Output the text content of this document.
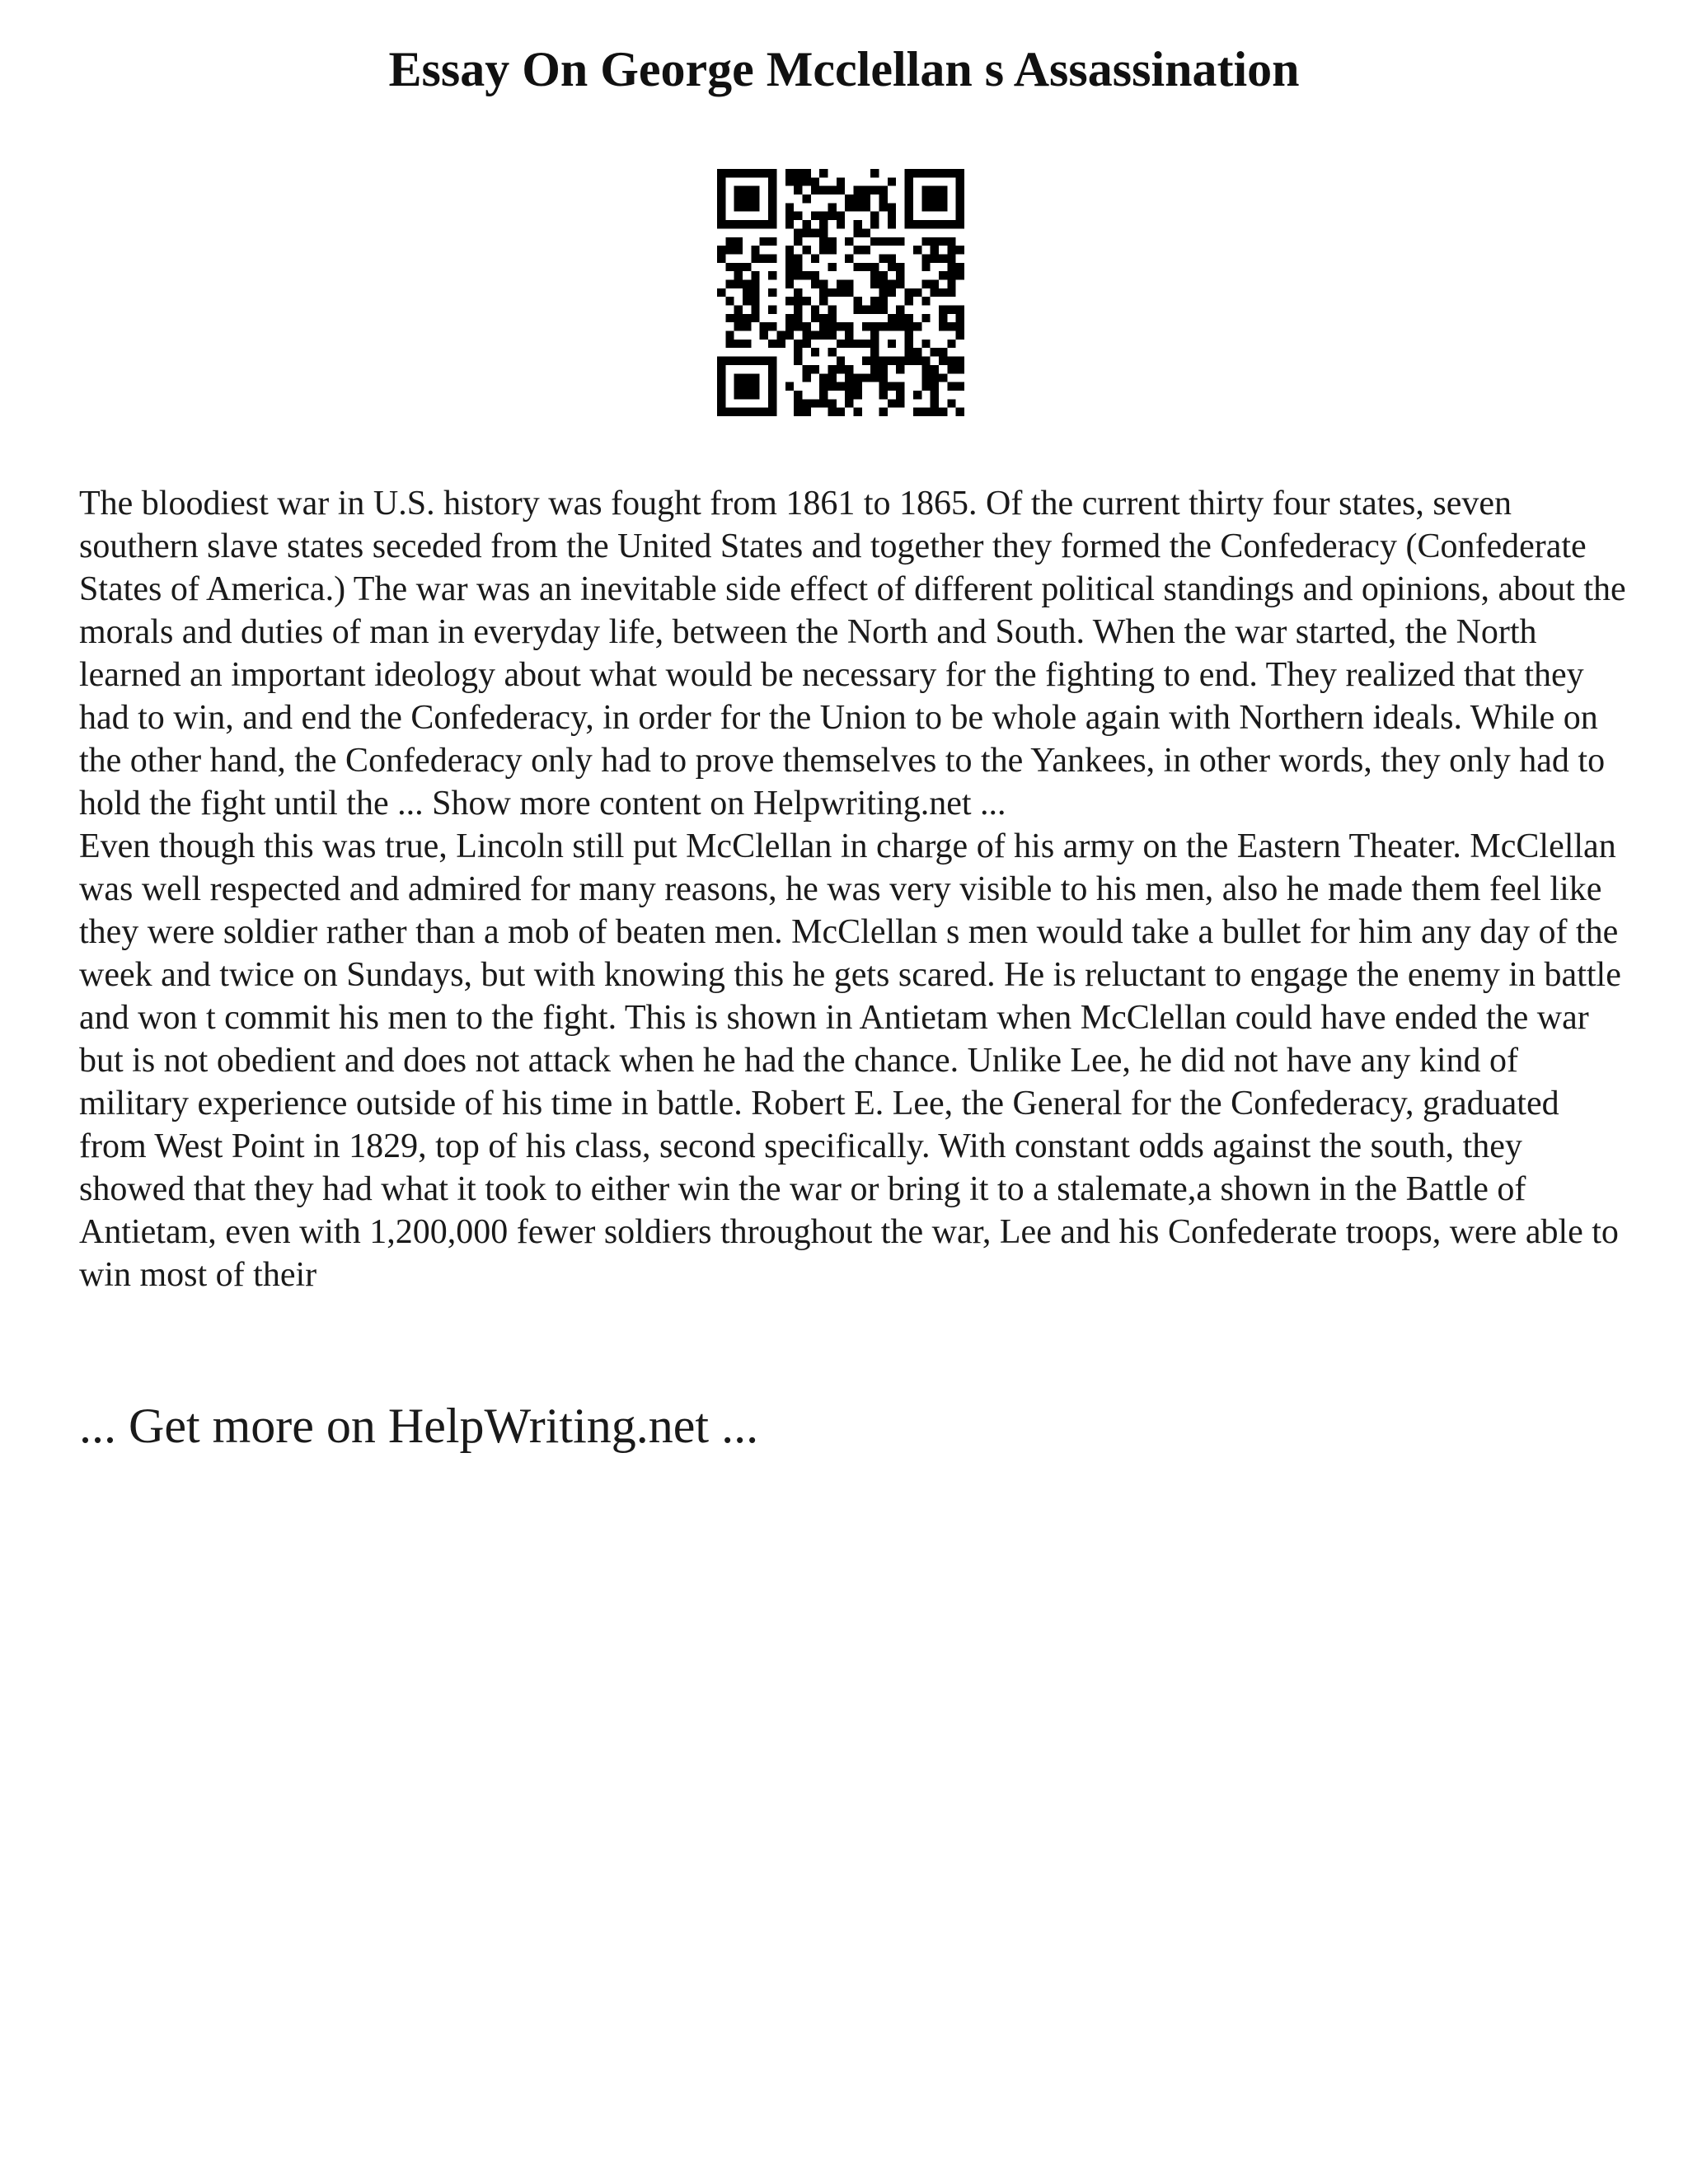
Essay On George Mcclellan s Assassination

The bloodiest war in U.S. history was fought from 1861 to 1865. Of the current thirty four states, seven southern slave states seceded from the United States and together they formed the Confederacy (Confederate States of America.) The war was an inevitable side effect of different political standings and opinions, about the morals and duties of man in everyday life, between the North and South. When the war started, the North learned an important ideology about what would be necessary for the fighting to end. They realized that they had to win, and end the Confederacy, in order for the Union to be whole again with Northern ideals. While on the other hand, the Confederacy only had to prove themselves to the Yankees, in other words, they only had to hold the fight until the ... Show more content on Helpwriting.net ...

Even though this was true, Lincoln still put McClellan in charge of his army on the Eastern Theater. McClellan was well respected and admired for many reasons, he was very visible to his men, also he made them feel like they were soldier rather than a mob of beaten men. McClellan s men would take a bullet for him any day of the week and twice on Sundays, but with knowing this he gets scared. He is reluctant to engage the enemy in battle and won t commit his men to the fight. This is shown in Antietam when McClellan could have ended the war but is not obedient and does not attack when he had the chance. Unlike Lee, he did not have any kind of military experience outside of his time in battle. Robert E. Lee, the General for the Confederacy, graduated from West Point in 1829, top of his class, second specifically. With constant odds against the south, they showed that they had what it took to either win the war or bring it to a stalemate,a shown in the Battle of Antietam, even with 1,200,000 fewer soldiers throughout the war, Lee and his Confederate troops, were able to win most of their

... Get more on HelpWriting.net ...
